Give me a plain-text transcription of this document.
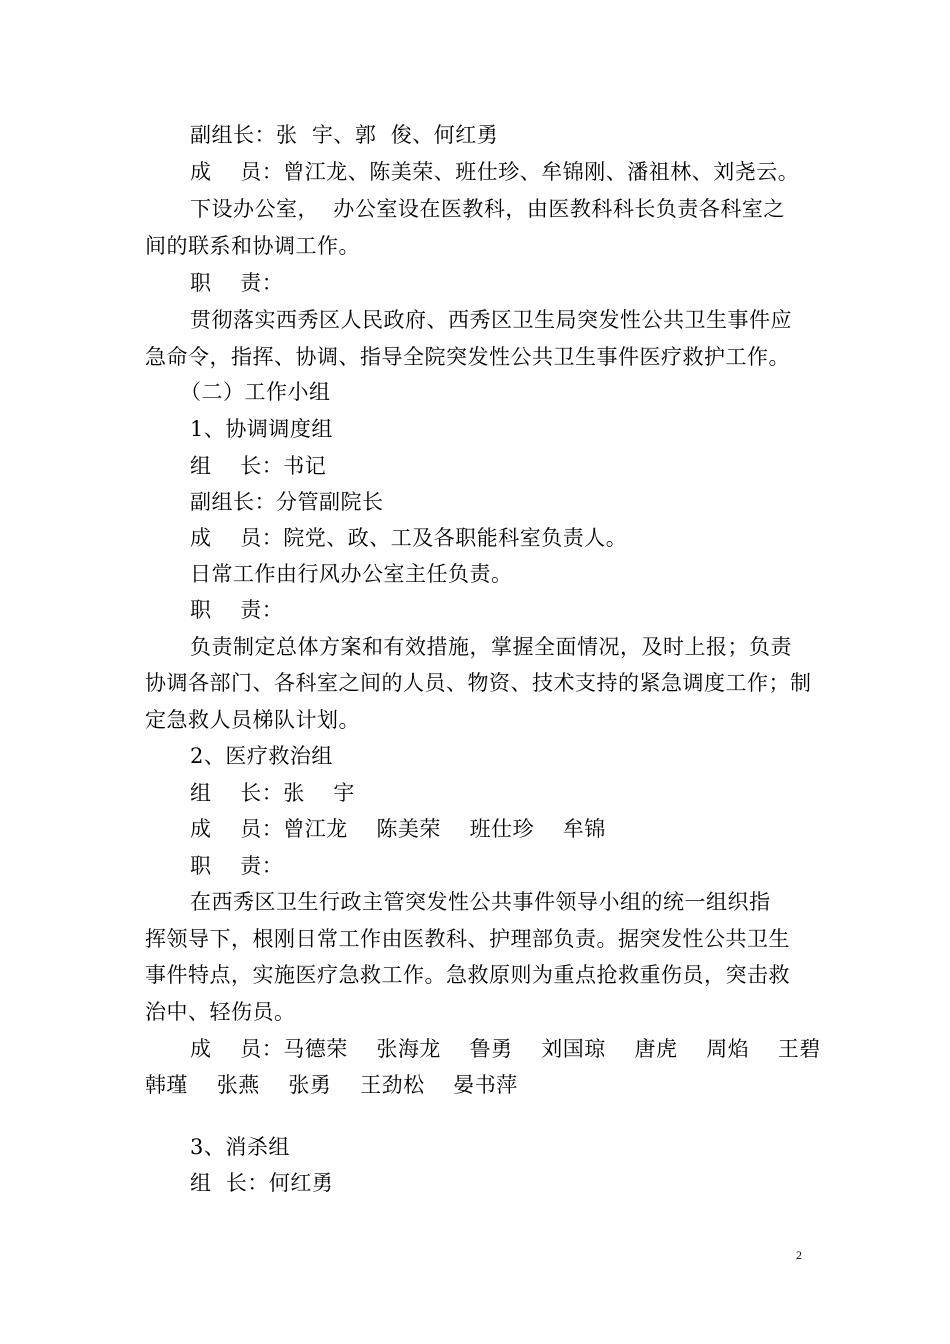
副组长：张  宇、郭  俊、何红勇
成    员：曾江龙、陈美荣、班仕珍、牟锦刚、潘祖林、刘尧云。
下设办公室，  办公室设在医教科，由医教科科长负责各科室之
间的联系和协调工作。
职    责：
贯彻落实西秀区人民政府、西秀区卫生局突发性公共卫生事件应
急命令，指挥、协调、指导全院突发性公共卫生事件医疗救护工作。
（二）工作小组
1、协调调度组
组    长：书记
副组长：分管副院长
成    员：院党、政、工及各职能科室负责人。
日常工作由行风办公室主任负责。
职    责：
负责制定总体方案和有效措施，掌握全面情况，及时上报；负责
协调各部门、各科室之间的人员、物资、技术支持的紧急调度工作；制
定急救人员梯队计划。
2、医疗救治组
组    长：张    宇
成    员：曾江龙    陈美荣    班仕珍    牟锦
职    责：
在西秀区卫生行政主管突发性公共事件领导小组的统一组织指
挥领导下，根刚日常工作由医教科、护理部负责。据突发性公共卫生
事件特点，实施医疗急救工作。急救原则为重点抢救重伤员，突击救
治中、轻伤员。
成    员：马德荣    张海龙    鲁勇    刘国琼    唐虎    周焰    王碧
韩瑾    张燕    张勇    王劲松    晏书萍
3、消杀组
组  长：何红勇
2
